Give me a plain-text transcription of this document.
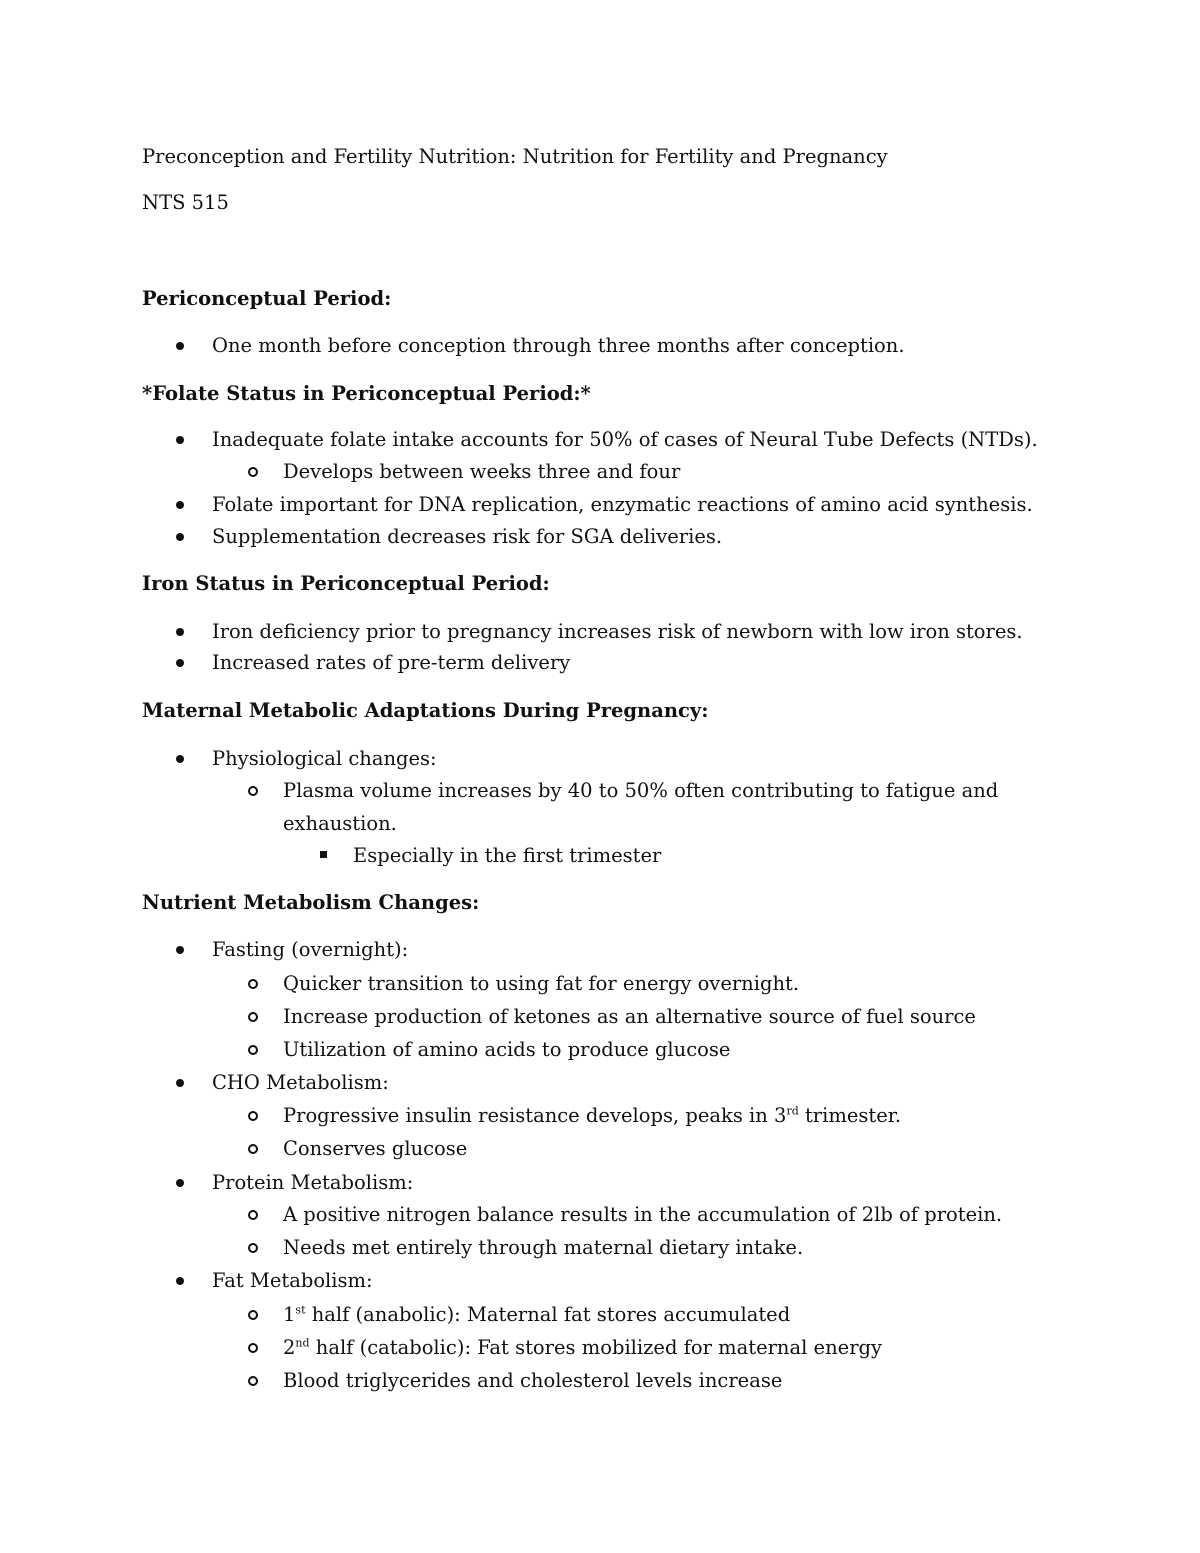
Preconception and Fertility Nutrition: Nutrition for Fertility and Pregnancy
NTS 515
Periconceptual Period:
One month before conception through three months after conception.
*Folate Status in Periconceptual Period:*
Inadequate folate intake accounts for 50% of cases of Neural Tube Defects (NTDs).
Develops between weeks three and four
Folate important for DNA replication, enzymatic reactions of amino acid synthesis.
Supplementation decreases risk for SGA deliveries.
Iron Status in Periconceptual Period:
Iron deficiency prior to pregnancy increases risk of newborn with low iron stores.
Increased rates of pre-term delivery
Maternal Metabolic Adaptations During Pregnancy:
Physiological changes:
Plasma volume increases by 40 to 50% often contributing to fatigue and
exhaustion.
Especially in the first trimester
Nutrient Metabolism Changes:
Fasting (overnight):
Quicker transition to using fat for energy overnight.
Increase production of ketones as an alternative source of fuel source
Utilization of amino acids to produce glucose
CHO Metabolism:
Progressive insulin resistance develops, peaks in 3rd trimester.
Conserves glucose
Protein Metabolism:
A positive nitrogen balance results in the accumulation of 2lb of protein.
Needs met entirely through maternal dietary intake.
Fat Metabolism:
1st half (anabolic): Maternal fat stores accumulated
2nd half (catabolic): Fat stores mobilized for maternal energy
Blood triglycerides and cholesterol levels increase
